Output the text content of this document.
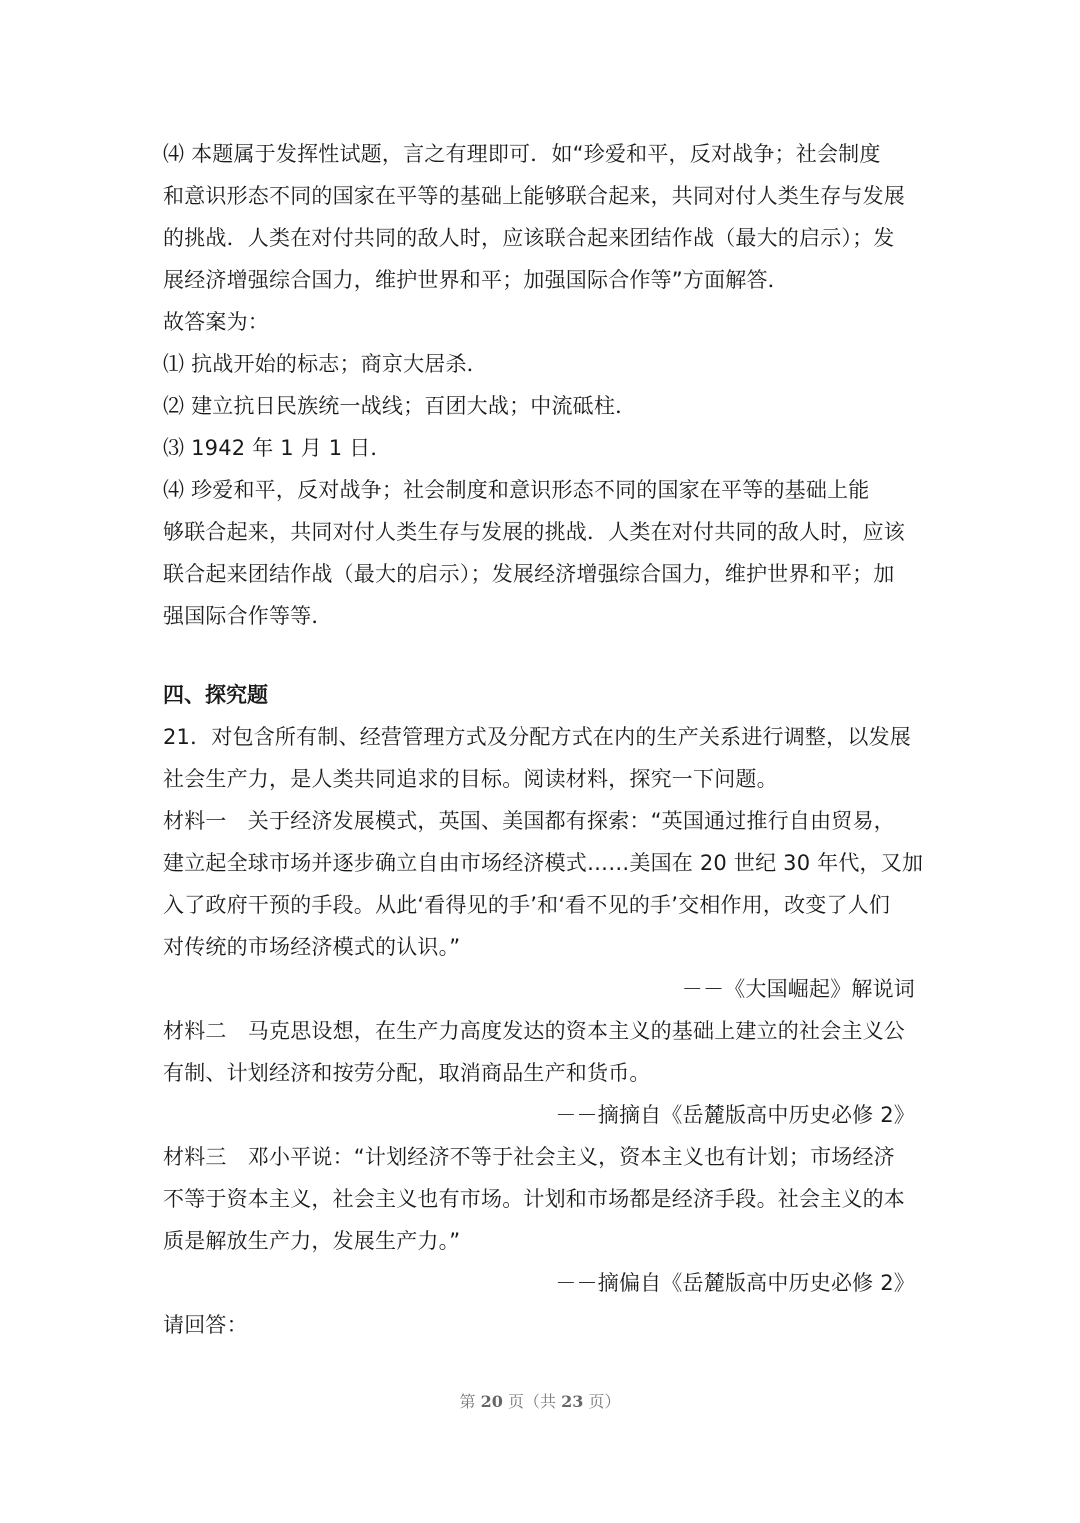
⑷ 本题属于发挥性试题，言之有理即可．如“珍爱和平，反对战争；社会制度
和意识形态不同的国家在平等的基础上能够联合起来，共同对付人类生存与发展
的挑战．人类在对付共同的敌人时，应该联合起来团结作战（最大的启示）；发
展经济增强综合国力，维护世界和平；加强国际合作等”方面解答．
故答案为：
⑴ 抗战开始的标志；商京大居杀．
⑵ 建立抗日民族统一战线；百团大战；中流砥柱．
⑶ 1942 年 1 月 1 日．
⑷ 珍爱和平，反对战争；社会制度和意识形态不同的国家在平等的基础上能
够联合起来，共同对付人类生存与发展的挑战．人类在对付共同的敌人时，应该
联合起来团结作战（最大的启示）；发展经济增强综合国力，维护世界和平；加
强国际合作等等．
四、探究题
21．对包含所有制、经营管理方式及分配方式在内的生产关系进行调整，以发展
社会生产力，是人类共同追求的目标。阅读材料，探究一下问题。
材料一　关于经济发展模式，英国、美国都有探索：“英国通过推行自由贸易，
建立起全球市场并逐步确立自由市场经济模式……美国在 20 世纪 30 年代，又加
入了政府干预的手段。从此‘看得见的手’和‘看不见的手’交相作用，改变了人们
对传统的市场经济模式的认识。”
－－《大国崛起》解说词
材料二　马克思设想，在生产力高度发达的资本主义的基础上建立的社会主义公
有制、计划经济和按劳分配，取消商品生产和货币。
－－摘摘自《岳麓版高中历史必修 2》
材料三　邓小平说：“计划经济不等于社会主义，资本主义也有计划；市场经济
不等于资本主义，社会主义也有市场。计划和市场都是经济手段。社会主义的本
质是解放生产力，发展生产力。”
－－摘偏自《岳麓版高中历史必修 2》
请回答：
第 20 页（共 23 页）
